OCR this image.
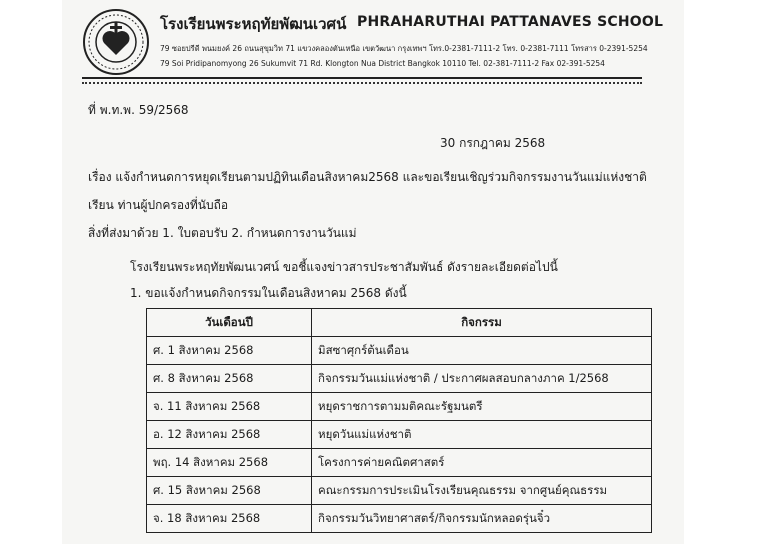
โรงเรียนพระหฤทัยพัฒนเวศน์ PHRAHARUTHAI PATTANAVES SCHOOL
79 ซอยปรีดี พนมยงค์ 26 ถนนสุขุมวิท 71 แขวงคลองตันเหนือ เขตวัฒนา กรุงเทพฯ โทร.0-2381-7111-2 โทร. 0-2381-7111 โทรสาร 0-2391-5254
79 Soi Pridipanomyong 26 Sukumvit 71 Rd. Klongton Nua District Bangkok 10110 Tel. 02-381-7111-2 Fax 02-391-5254
ที่ พ.ท.พ. 59/2568
30 กรกฎาคม 2568
เรื่อง แจ้งกำหนดการหยุดเรียนตามปฏิทินเดือนสิงหาคม2568 และขอเรียนเชิญร่วมกิจกรรมงานวันแม่แห่งชาติ
เรียน ท่านผู้ปกครองที่นับถือ
สิ่งที่ส่งมาด้วย 1. ใบตอบรับ 2. กำหนดการงานวันแม่
โรงเรียนพระหฤทัยพัฒนเวศน์ ขอชี้แจงข่าวสารประชาสัมพันธ์ ดังรายละเอียดต่อไปนี้
1. ขอแจ้งกำหนดกิจกรรมในเดือนสิงหาคม 2568 ดังนี้
วันเดือนปี	กิจกรรม
ศ. 1 สิงหาคม 2568	มิสซาศุกร์ต้นเดือน
ศ. 8 สิงหาคม 2568	กิจกรรมวันแม่แห่งชาติ / ประกาศผลสอบกลางภาค 1/2568
จ. 11 สิงหาคม 2568	หยุดราชการตามมติคณะรัฐมนตรี
อ. 12 สิงหาคม 2568	หยุดวันแม่แห่งชาติ
พฤ. 14 สิงหาคม 2568	โครงการค่ายคณิตศาสตร์
ศ. 15 สิงหาคม 2568	คณะกรรมการประเมินโรงเรียนคุณธรรม จากศูนย์คุณธรรม
จ. 18 สิงหาคม 2568	กิจกรรมวันวิทยาศาสตร์/กิจกรรมนักหลอดรุ่นจิ๋ว
